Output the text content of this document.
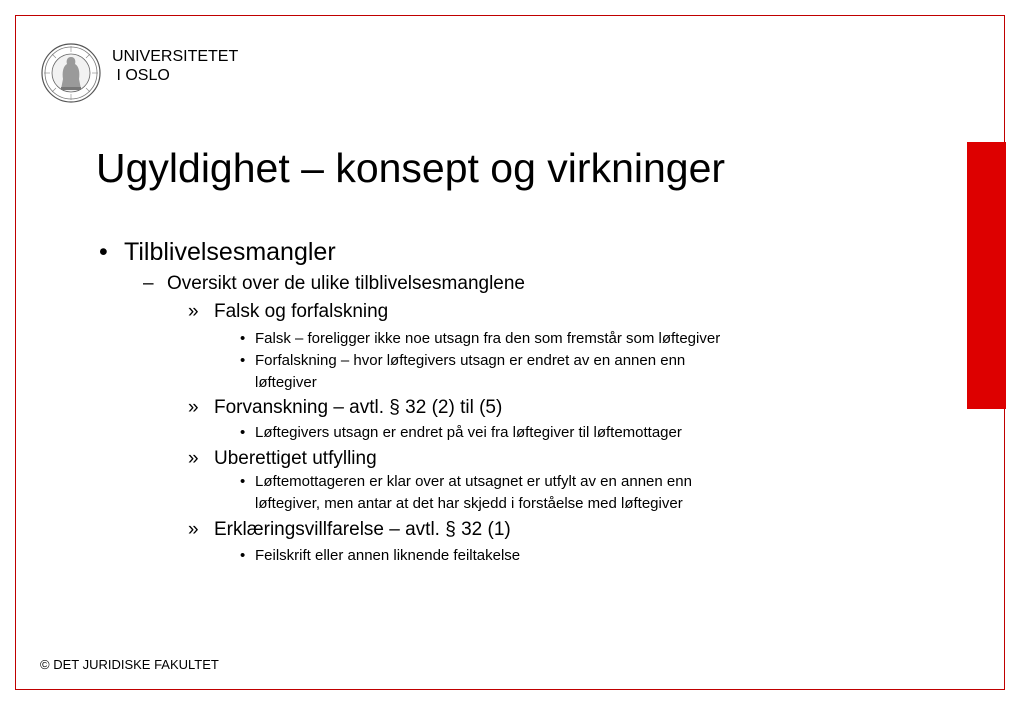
UNIVERSITETET
I OSLO
Ugyldighet – konsept og virkninger
• Tilblivelsesmangler
– Oversikt over de ulike tilblivelsesmanglene
» Falsk og forfalskning
• Falsk – foreligger ikke noe utsagn fra den som fremstår som løftegiver
• Forfalskning – hvor løftegivers utsagn er endret av en annen enn
løftegiver
» Forvanskning – avtl. § 32 (2) til (5)
• Løftegivers utsagn er endret på vei fra løftegiver til løftemottager
» Uberettiget utfylling
• Løftemottageren er klar over at utsagnet er utfylt av en annen enn
løftegiver, men antar at det har skjedd i forståelse med løftegiver
» Erklæringsvillfarelse – avtl. § 32 (1)
• Feilskrift eller annen liknende feiltakelse
© DET JURIDISKE FAKULTET
